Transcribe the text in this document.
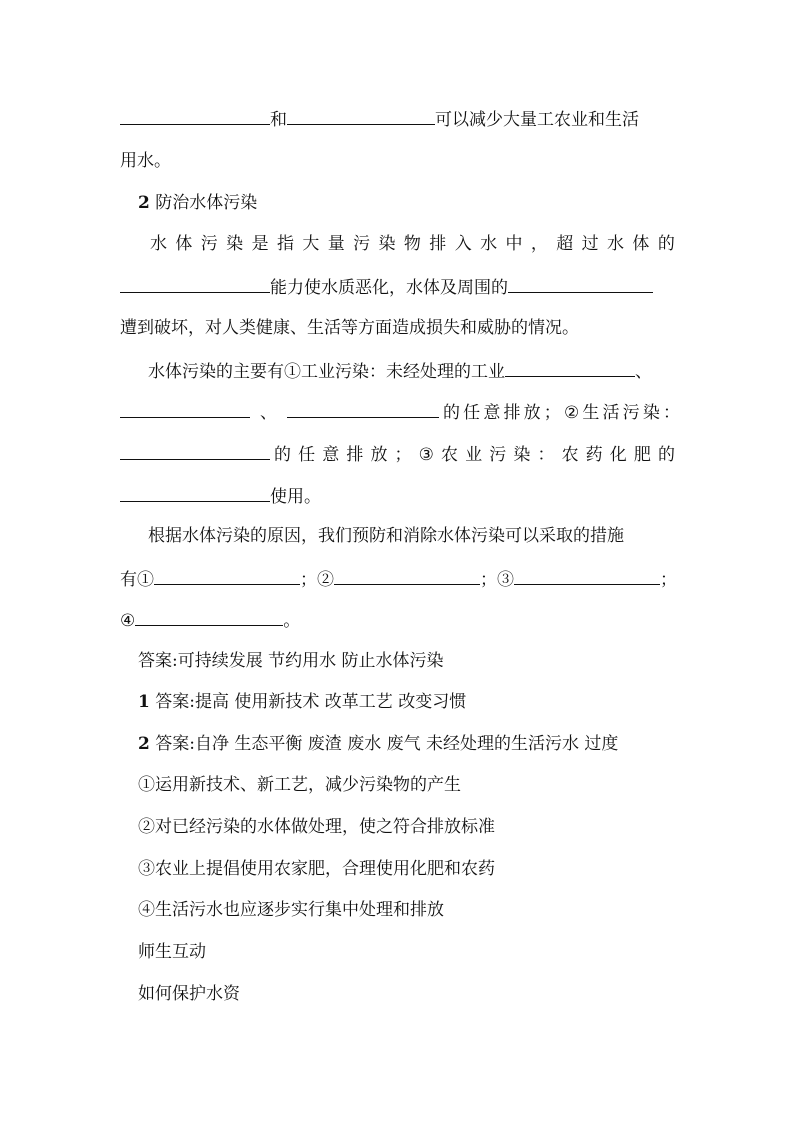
和	可以减少大量工农业和生活
用水。
2 防治水体污染
水 体 污 染 是 指 大 量 污 染 物 排 入 水 中 ， 超 过 水 体 的
能力使水质恶化，水体及周围的
遭到破坏，对人类健康、生活等方面造成损失和威胁的情况。
水体污染的主要有①工业污染：未经处理的工业	、
、	的 任 意 排 放 ； ② 生 活 污 染 ：
的 任 意 排 放 ； ③ 农 业 污 染 ： 农 药 化 肥 的
使用。
根据水体污染的原因，我们预防和消除水体污染可以采取的措施
有①	；②	；③	；
④	。
答案:可持续发展 节约用水 防止水体污染
1 答案:提高 使用新技术 改革工艺 改变习惯
2 答案:自净 生态平衡 废渣 废水 废气 未经处理的生活污水 过度
①运用新技术、新工艺，减少污染物的产生
②对已经污染的水体做处理，使之符合排放标准
③农业上提倡使用农家肥，合理使用化肥和农药
④生活污水也应逐步实行集中处理和排放
师生互动
如何保护水资
